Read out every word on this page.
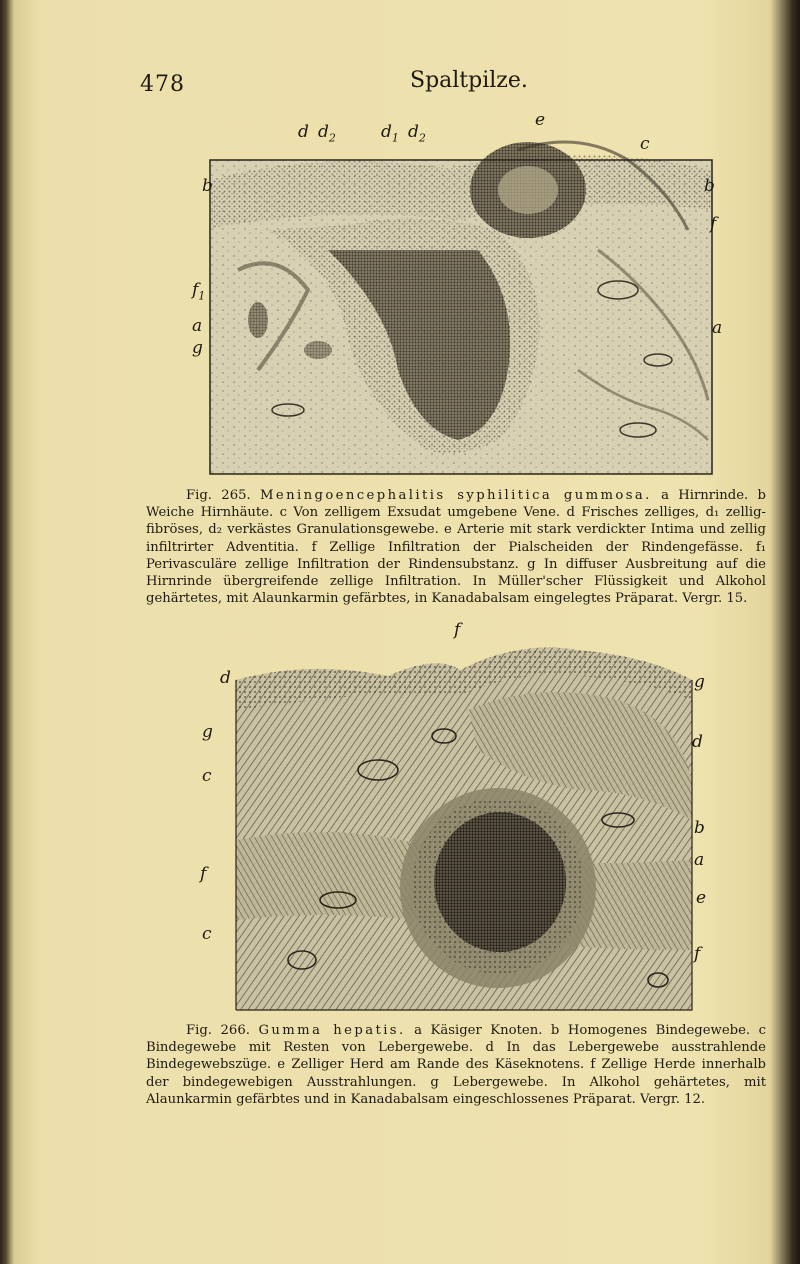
478	Spaltpilze.
d $d_2$	$d_1$ $d_2$
e
c
b	b
f
$f_1$
a
g
a
Fig. 265. Meningoencephalitis syphilitica gummosa. a Hirnrinde. b Weiche Hirnhäute. c Von zelligem Exsudat umgebene Vene. d Frisches zelliges, d₁ zellig-fibröses, d₂ verkästes Granulationsgewebe. e Arterie mit stark verdickter Intima und zellig infiltrirter Adventitia. f Zellige Infiltration der Pialscheiden der Rindengefässe. f₁ Perivasculäre zellige Infiltration der Rindensubstanz. g In diffuser Ausbreitung auf die Hirnrinde übergreifende zellige Infiltration. In Müller'scher Flüssigkeit und Alkohol gehärtetes, mit Alaunkarmin gefärbtes, in Kanadabalsam eingelegtes Präparat. Vergr. 15.
f
d
g
c
f
c
g
d
b
a
e
f
Fig. 266. Gumma hepatis. a Käsiger Knoten. b Homogenes Bindegewebe. c Bindegewebe mit Resten von Lebergewebe. d In das Lebergewebe ausstrahlende Bindegewebszüge. e Zelliger Herd am Rande des Käseknotens. f Zellige Herde innerhalb der bindegewebigen Ausstrahlungen. g Lebergewebe. In Alkohol gehärtetes, mit Alaunkarmin gefärbtes und in Kanadabalsam eingeschlossenes Präparat. Vergr. 12.
